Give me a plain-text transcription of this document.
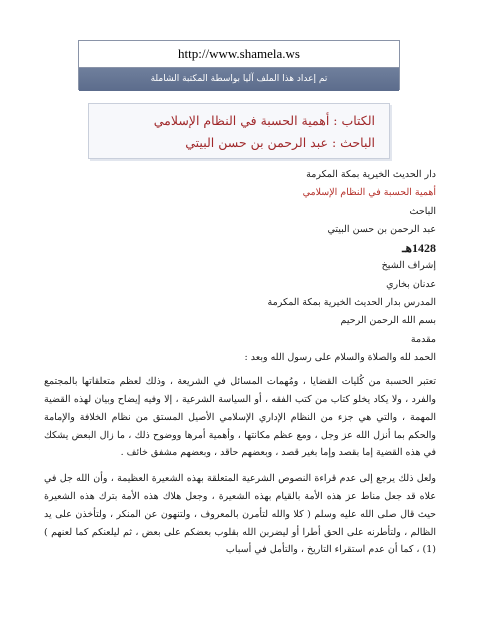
http://www.shamela.ws
تم إعداد هذا الملف آليا بواسطة المكتبة الشاملة
الكتاب : أهمية الحسبة في النظام الإسلامي
الباحث : عبد الرحمن بن حسن البيتي
دار الحديث الخيرية بمكة المكرمة
أهمية الحسبة في النظام الإسلامي
الباحث
عبد الرحمن بن حسن البيتي
1428هـ
إشراف الشيخ
عدنان بخاري
المدرس بدار الحديث الخيرية بمكة المكرمة
بسم الله الرحمن الرحيم
مقدمة
الحمد لله والصلاة والسلام على رسول الله وبعد :

تعتبر الحسبة من كُليات القضايا ، ومُهمات المسائل في الشريعة ، وذلك لعظم متعلقاتها بالمجتمع والفرد ، ولا يكاد يخلو كتاب من كتب الفقه ، أو السياسة الشرعية ، إلا وفيه إيضاح وبيان لهذه القضية المهمة ، والتي هي جزء من النظام الإداري الإسلامي الأصيل المستق من نظام الخلافة والإمامة والحكم بما أنزل الله عز وجل ، ومع عظم مكانتها ، وأهمية أمرها ووضوح ذلك ، ما زال البعض يشكك في هذه القضية إما بقصد وإما بغير قصد ، وبعضهم حاقد ، وبعضهم مشفق خائف .

ولعل ذلك يرجع إلى عدم قراءة النصوص الشرعية المتعلقة بهذه الشعيرة العظيمة ، وأن الله جل في علاه قد جعل مناط عز هذه الأمة بالقيام بهذه الشعيرة ، وجعل هلاك هذه الأمة بترك هذه الشعيرة حيث قال صلى الله عليه وسلم ( كلا والله لتأمرن بالمعروف ، ولتنهون عن المنكر ، ولتأخذن على يد الظالم ، ولتأطرنه على الحق أطرا أو ليضربن الله بقلوب بعضكم على بعض ، ثم ليلعنكم كما لعنهم )(1) ، كما أن عدم استقراء التاريخ ، والتأمل في أسباب
